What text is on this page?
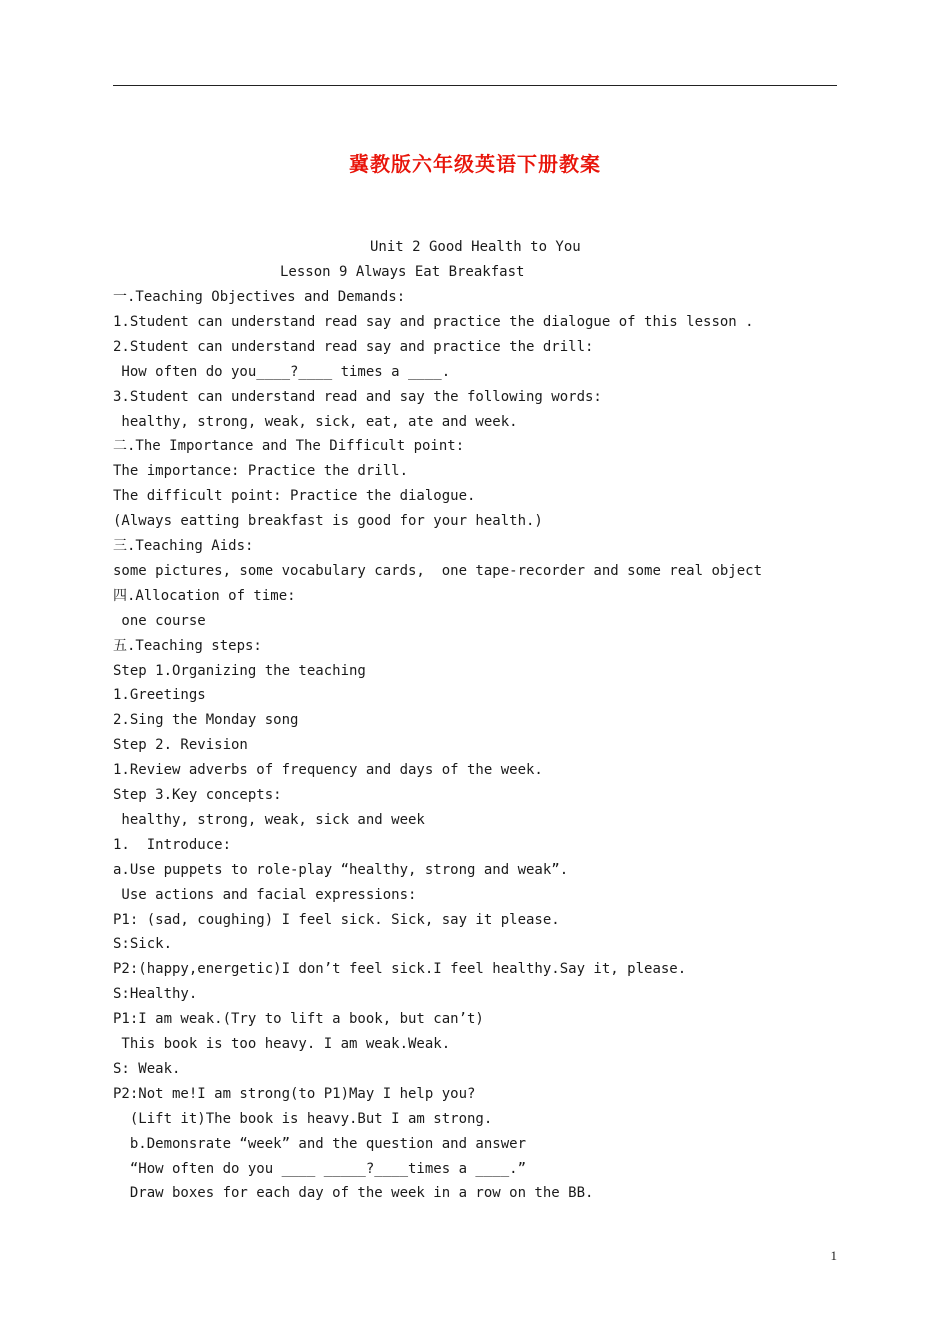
冀教版六年级英语下册教案
Unit 2 Good Health to You
Lesson 9 Always Eat Breakfast
一.Teaching Objectives and Demands:
1.Student can understand read say and practice the dialogue of this lesson .
2.Student can understand read say and practice the drill:
How often do you____?____ times a ____.
3.Student can understand read and say the following words:
healthy, strong, weak, sick, eat, ate and week.
二.The Importance and The Difficult point:
The importance: Practice the drill.
The difficult point: Practice the dialogue.
(Always eatting breakfast is good for your health.)
三.Teaching Aids:
some pictures, some vocabulary cards,  one tape-recorder and some real object
四.Allocation of time:
one course
五.Teaching steps:
Step 1.Organizing the teaching
1.Greetings
2.Sing the Monday song
Step 2. Revision
1.Review adverbs of frequency and days of the week.
Step 3.Key concepts:
healthy, strong, weak, sick and week
1.  Introduce:
a.Use puppets to role-play “healthy, strong and weak”.
Use actions and facial expressions:
P1: (sad, coughing) I feel sick. Sick, say it please.
S:Sick.
P2:(happy,energetic)I don’t feel sick.I feel healthy.Say it, please.
S:Healthy.
P1:I am weak.(Try to lift a book, but can’t)
This book is too heavy. I am weak.Weak.
S: Weak.
P2:Not me!I am strong(to P1)May I help you?
(Lift it)The book is heavy.But I am strong.
b.Demonsrate “week” and the question and answer
“How often do you ____ _____?____times a ____.”
Draw boxes for each day of the week in a row on the BB.
1
